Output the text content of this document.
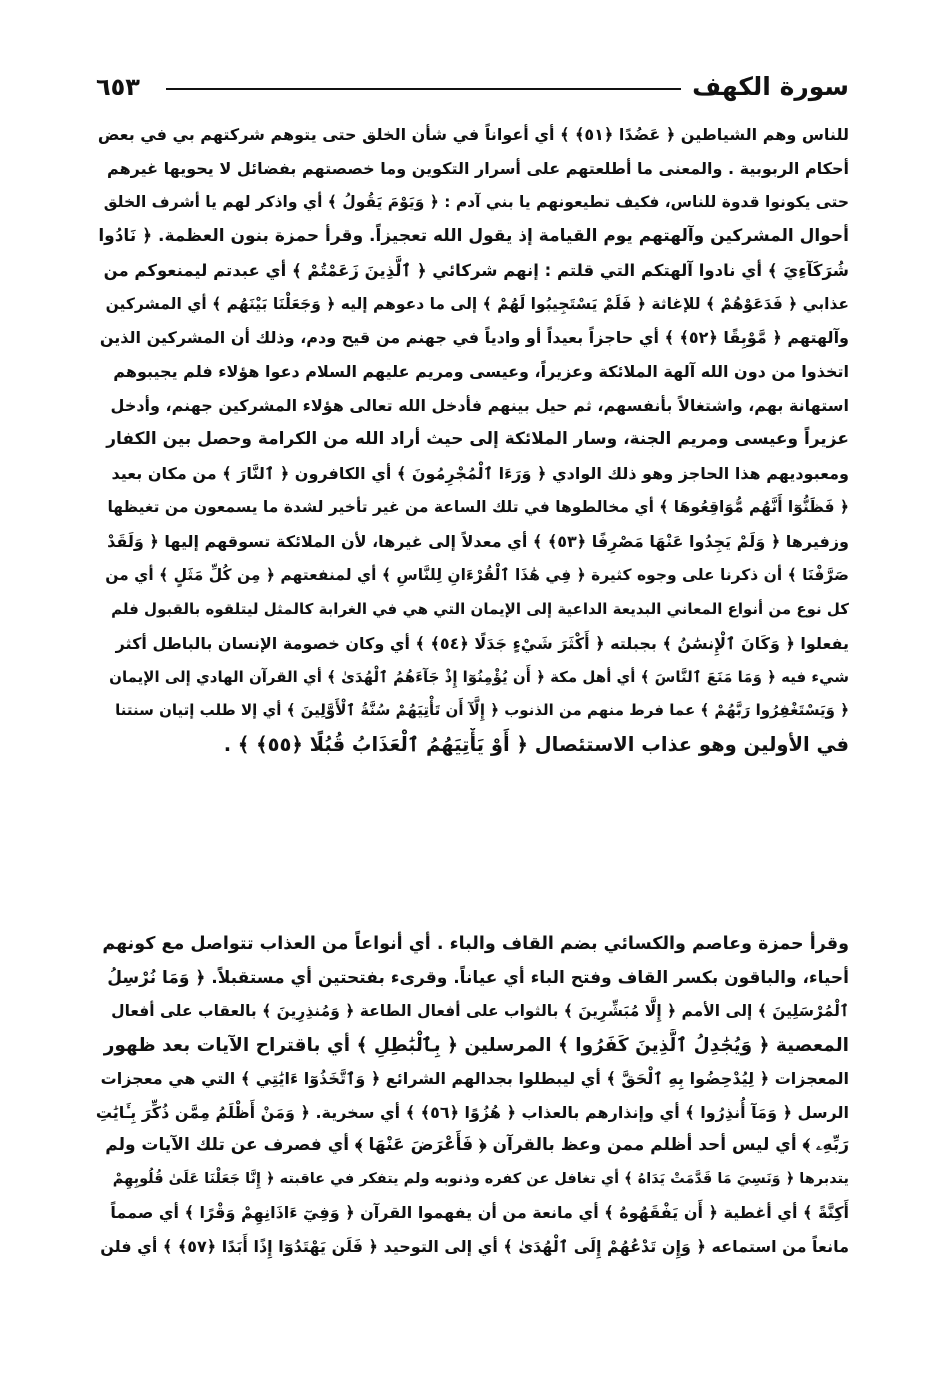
سورة الكهف
٦٥٣
للناس وهم الشياطين ﴿ عَضُدًا ﴿٥١﴾ ﴾ أي أعواناً في شأن الخلق حتى يتوهم شركتهم بي في بعض
أحكام الربوبية . والمعنى ما أطلعتهم على أسرار التكوين وما خصصتهم بفضائل لا يحويها غيرهم
حتى يكونوا قدوة للناس، فكيف تطيعونهم يا بني آدم : ﴿ وَيَوْمَ يَقُولُ ﴾ أي واذكر لهم يا أشرف الخلق
أحوال المشركين وآلهتهم يوم القيامة إذ يقول الله تعجيزاً. وقرأ حمزة بنون العظمة. ﴿ نَادُوا
شُرَكَآءِيَ ﴾ أي نادوا آلهتكم التي قلتم : إنهم شركائي ﴿ ٱلَّذِينَ زَعَمْتُمْ ﴾ أي عبدتم ليمنعوكم من
عذابي ﴿ فَدَعَوْهُمْ ﴾ للإغاثة ﴿ فَلَمْ يَسْتَجِيبُوا لَهُمْ ﴾ إلى ما دعوهم إليه ﴿ وَجَعَلْنَا بَيْنَهُم ﴾ أي المشركين
وآلهتهم ﴿ مَّوْبِقًا ﴿٥٢﴾ ﴾ أي حاجزاً بعيداً أو وادياً في جهنم من قيح ودم، وذلك أن المشركين الذين
اتخذوا من دون الله آلهة الملائكة وعزيراً، وعيسى ومريم عليهم السلام دعوا هؤلاء فلم يجيبوهم
استهانة بهم، واشتغالاً بأنفسهم، ثم حيل بينهم فأدخل الله تعالى هؤلاء المشركين جهنم، وأدخل
عزيراً وعيسى ومريم الجنة، وسار الملائكة إلى حيث أراد الله من الكرامة وحصل بين الكفار
ومعبوديهم هذا الحاجز وهو ذلك الوادي ﴿ وَرَءَا ٱلْمُجْرِمُونَ ﴾ أي الكافرون ﴿ ٱلنَّارَ ﴾ من مكان بعيد
﴿ فَظَنُّوٓا أَنَّهُم مُّوَاقِعُوهَا ﴾ أي مخالطوها في تلك الساعة من غير تأخير لشدة ما يسمعون من تغيظها
وزفيرها ﴿ وَلَمْ يَجِدُوا عَنْهَا مَصْرِفًا ﴿٥٣﴾ ﴾ أي معدلاً إلى غيرها، لأن الملائكة تسوقهم إليها ﴿ وَلَقَدْ
صَرَّفْنَا ﴾ أن ذكرنا على وجوه كثيرة ﴿ فِي هَٰذَا ٱلْقُرْءَانِ لِلنَّاسِ ﴾ أي لمنفعتهم ﴿ مِن كُلِّ مَثَلٍ ﴾ أي من
كل نوع من أنواع المعاني البديعة الداعية إلى الإيمان التي هي في الغرابة كالمثل ليتلقوه بالقبول فلم
يفعلوا ﴿ وَكَانَ ٱلْإِنسَٰنُ ﴾ بجبلته ﴿ أَكْثَرَ شَيْءٍ جَدَلًا ﴿٥٤﴾ ﴾ أي وكان خصومة الإنسان بالباطل أكثر
شيء فيه ﴿ وَمَا مَنَعَ ٱلنَّاسَ ﴾ أي أهل مكة ﴿ أَن يُؤْمِنُوٓا إِذْ جَآءَهُمُ ٱلْهُدَىٰ ﴾ أي القرآن الهادي إلى الإيمان
﴿ وَيَسْتَغْفِرُوا رَبَّهُمْ ﴾ عما فرط منهم من الذنوب ﴿ إِلَّآ أَن تَأْتِيَهُمْ سُنَّةُ ٱلْأَوَّلِينَ ﴾ أي إلا طلب إتيان سنتنا
في الأولين وهو عذاب الاستئصال ﴿ أَوْ يَأْتِيَهُمُ ٱلْعَذَابُ قُبُلًا ﴿٥٥﴾ ﴾ .
وقرأ حمزة وعاصم والكسائي بضم القاف والباء . أي أنواعاً من العذاب تتواصل مع كونهم
أحياء، والباقون بكسر القاف وفتح الباء أي عياناً. وقرىء بفتحتين أي مستقبلاً. ﴿ وَمَا نُرْسِلُ
ٱلْمُرْسَلِينَ ﴾ إلى الأمم ﴿ إِلَّا مُبَشِّرِينَ ﴾ بالثواب على أفعال الطاعة ﴿ وَمُنذِرِينَ ﴾ بالعقاب على أفعال
المعصية ﴿ وَيُجَٰدِلُ ٱلَّذِينَ كَفَرُوا ﴾ المرسلين ﴿ بِٱلْبَٰطِلِ ﴾ أي باقتراح الآيات بعد ظهور
المعجزات ﴿ لِيُدْحِضُوا بِهِ ٱلْحَقَّ ﴾ أي ليبطلوا بجدالهم الشرائع ﴿ وَٱتَّخَذُوٓا ءَايَٰتِي ﴾ التي هي معجزات
الرسل ﴿ وَمَآ أُنذِرُوا ﴾ أي وإنذارهم بالعذاب ﴿ هُزُوًا ﴿٥٦﴾ ﴾ أي سخرية. ﴿ وَمَنْ أَظْلَمُ مِمَّن ذُكِّرَ بِـَٔايَٰتِ
رَبِّهِۦ ﴾ أي ليس أحد أظلم ممن وعظ بالقرآن ﴿ فَأَعْرَضَ عَنْهَا ﴾ أي فصرف عن تلك الآيات ولم
يتدبرها ﴿ وَنَسِيَ مَا قَدَّمَتْ يَدَاهُ ﴾ أي تغافل عن كفره وذنوبه ولم يتفكر في عاقبته ﴿ إِنَّا جَعَلْنَا عَلَىٰ قُلُوبِهِمْ
أَكِنَّةً ﴾ أي أغطية ﴿ أَن يَفْقَهُوهُ ﴾ أي مانعة من أن يفهموا القرآن ﴿ وَفِيٓ ءَاذَانِهِمْ وَقْرًا ﴾ أي صمماً
مانعاً من استماعه ﴿ وَإِن تَدْعُهُمْ إِلَى ٱلْهُدَىٰ ﴾ أي إلى التوحيد ﴿ فَلَن يَهْتَدُوٓا إِذًا أَبَدًا ﴿٥٧﴾ ﴾ أي فلن
